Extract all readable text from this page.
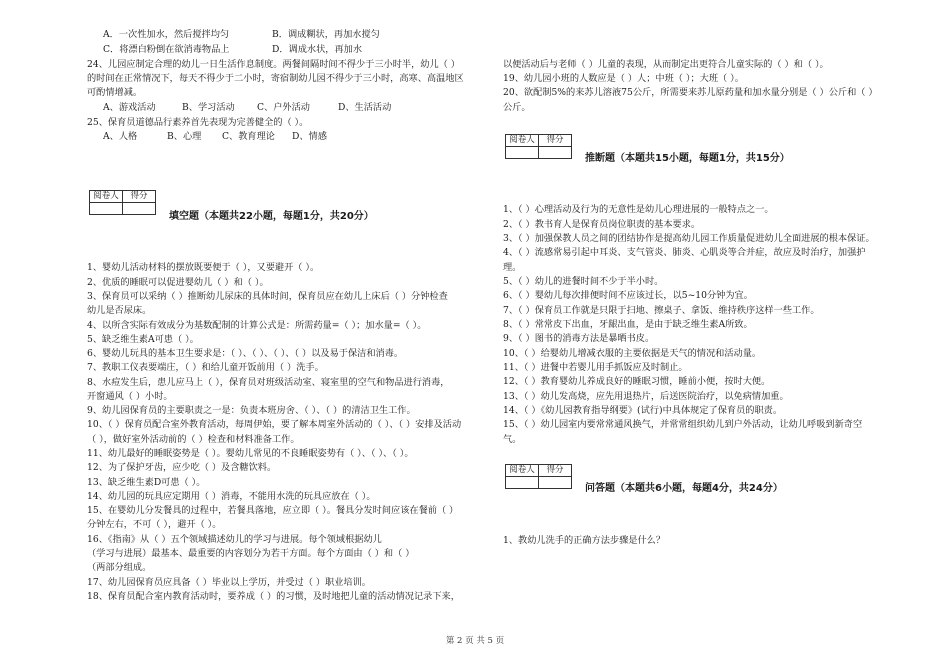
A．一次性加水，然后搅拌均匀	B．调成糊状，再加水搅匀
C．将漂白粉倒在欲消毒物品上	D．调成水状，再加水
24、儿园应制定合理的幼儿一日生活作息制度。两餐间隔时间不得少于三小时半，幼儿（ ）
的时间在正常情况下，每天不得少于二小时，寄宿制幼儿园不得少于三小时，高寒、高温地区
可酌情增减。
A、游戏活动	B、学习活动 C、户外活动	D、生活活动
25、保育员道德品行素养首先表现为完善健全的（ ）。
A、人格	B、心理 C、教育理论 D、情感
阅卷人	得分

填空题（本题共22小题，每题1分，共20分）
1、婴幼儿活动材料的摆放既要便于（ ），又要避开（ ）。
2、优质的睡眠可以促进婴幼儿（ ）和（ ）。
3、保育员可以采纳（ ）推断幼儿尿床的具体时间，保育员应在幼儿上床后（ ）分钟检查
幼儿是否尿床。
4、以所含实际有效成分为基数配制的计算公式是：所需药量=（ ）；加水量=（ ）。
5、缺乏维生素A可患（ ）。
6、婴幼儿玩具的基本卫生要求是：（ ）、（ ）、（ ）、（ ）以及易于保洁和消毒。
7、教职工仪表要端庄，（ ）和给儿童开饭前用（ ）洗手。
8、水痘发生后，患儿应马上（ ），保育员对班级活动室、寝室里的空气和物品进行消毒，
开窗通风（ ）小时。
9、幼儿园保育员的主要职责之一是：负责本班房舍、（ ）、（ ）的清洁卫生工作。
10、（ ）保育员配合室外教育活动，每周伊始，要了解本周室外活动的（ ）、（ ）安排及活动
（ ），做好室外活动前的（ ）检查和材料准备工作。
11、幼儿最好的睡眠姿势是（ ）。婴幼儿常见的不良睡眠姿势有（ ）、（ ）、（ ）。
12、为了保护牙齿，应少吃（ ）及含糖饮料。
13、缺乏维生素D可患（ ）。
14、幼儿园的玩具应定期用（ ）消毒，不能用水洗的玩具应放在（ ）。
15、在婴幼儿分发餐具的过程中，若餐具落地，应立即（ ）。餐具分发时间应该在餐前（ ）
分钟左右，不可（ ），避开（ ）。
16、《指南》从（ ）五个领域描述幼儿的学习与进展。每个领域根据幼儿
（学习与进展）最基本、最重要的内容划分为若干方面。每个方面由（ ）和（ ）
（两部分组成。
17、幼儿园保育员应具备（ ）毕业以上学历，并受过（ ）职业培训。
18、保育员配合室内教育活动时，要养成（ ）的习惯，及时地把儿童的活动情况记录下来，
以便活动后与老师（ ）儿童的表现，从而制定出更符合儿童实际的（ ）和（ ）。
19、幼儿园小班的人数应是（ ）人；中班（ ）；大班（ ）。
20、欲配制5%的来苏儿溶液75公斤，所需要来苏儿原药量和加水量分别是（ ）公斤和（ ）
公斤。
阅卷人	得分

推断题（本题共15小题，每题1分，共15分）
1、（ ）心理活动及行为的无意性是幼儿心理进展的一般特点之一。
2、（ ）教书育人是保育员岗位职责的基本要求。
3、（ ）加强保教人员之间的团结协作是提高幼儿园工作质量促进幼儿全面进展的根本保证。
4、（ ）流感常易引起中耳炎、支气管炎、肺炎、心肌炎等合并症，故应及时治疗，加强护
理。
5、（ ）幼儿的进餐时间不少于半小时。
6、（ ）婴幼儿每次排便时间不应该过长，以5~10分钟为宜。
7、（ ）保育员工作就是只限于扫地、擦桌子、拿饭、维持秩序这样一些工作。
8、（ ）常常皮下出血，牙龈出血，是由于缺乏维生素A所致。
9、（ ）图书的消毒方法是暴晒书皮。
10、（ ）给婴幼儿增减衣服的主要依据是天气的情况和活动量。
11、（ ）进餐中若婴儿用手抓饭应及时制止。
12、（ ）教育婴幼儿养成良好的睡眠习惯，睡前小便，按时大便。
13、（ ）幼儿发高烧，应先用退热片，后送医院治疗，以免病情加重。
14、（ ）《幼儿园教育指导纲要》(试行)中具体规定了保育员的职责。
15、（ ）幼儿园室内要常常通风换气，并常常组织幼儿到户外活动，让幼儿呼吸到新奇空
气。
阅卷人	得分

问答题（本题共6小题，每题4分，共24分）
1、教幼儿洗手的正确方法步骤是什么？
第 2 页 共 5 页
